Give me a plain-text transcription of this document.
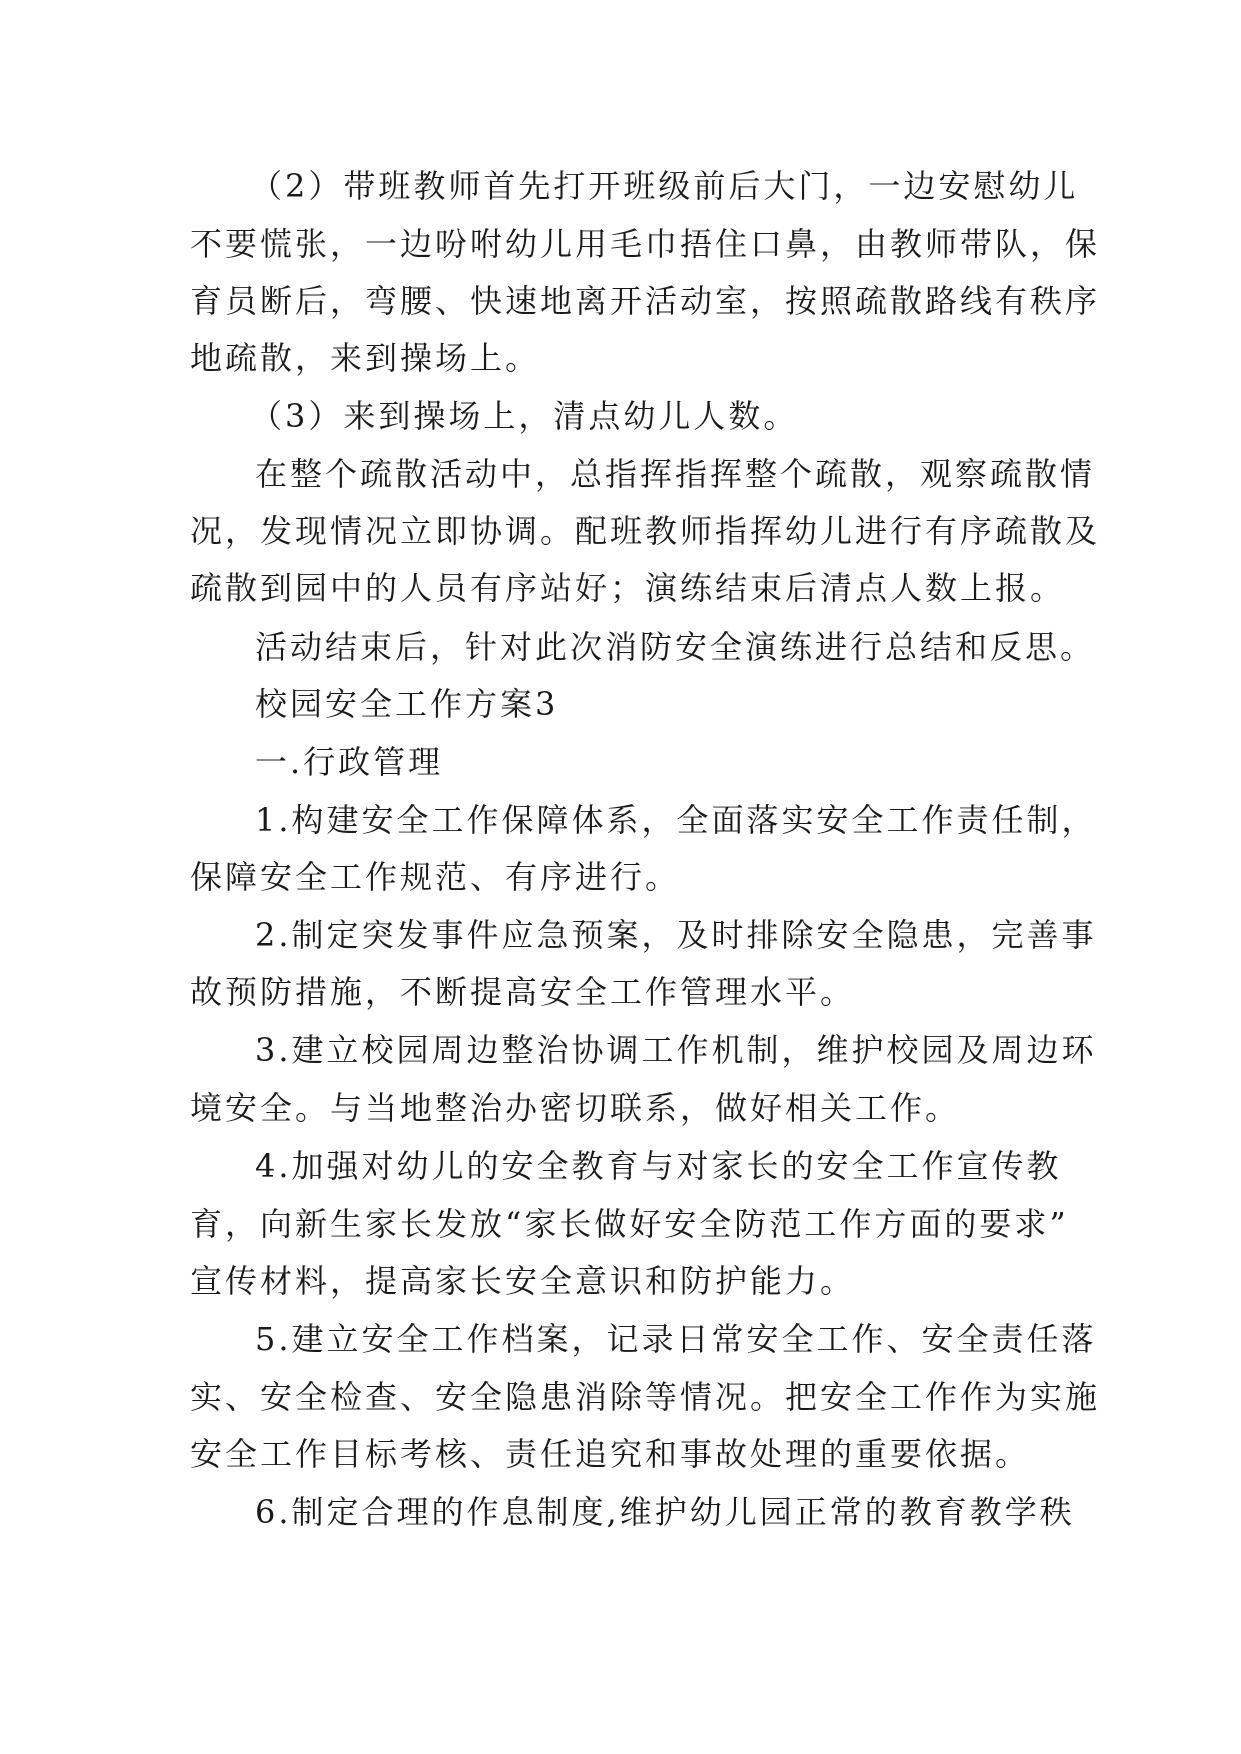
（2）带班教师首先打开班级前后大门，一边安慰幼儿
不要慌张，一边吩咐幼儿用毛巾捂住口鼻，由教师带队，保
育员断后，弯腰、快速地离开活动室，按照疏散路线有秩序
地疏散，来到操场上。
（3）来到操场上，清点幼儿人数。
在整个疏散活动中，总指挥指挥整个疏散，观察疏散情
况，发现情况立即协调。配班教师指挥幼儿进行有序疏散及
疏散到园中的人员有序站好；演练结束后清点人数上报。
活动结束后，针对此次消防安全演练进行总结和反思。
校园安全工作方案3
一.行政管理
1.构建安全工作保障体系，全面落实安全工作责任制，
保障安全工作规范、有序进行。
2.制定突发事件应急预案，及时排除安全隐患，完善事
故预防措施，不断提高安全工作管理水平。
3.建立校园周边整治协调工作机制，维护校园及周边环
境安全。与当地整治办密切联系，做好相关工作。
4.加强对幼儿的安全教育与对家长的安全工作宣传教
育，向新生家长发放“家长做好安全防范工作方面的要求”
宣传材料，提高家长安全意识和防护能力。
5.建立安全工作档案，记录日常安全工作、安全责任落
实、安全检查、安全隐患消除等情况。把安全工作作为实施
安全工作目标考核、责任追究和事故处理的重要依据。
6.制定合理的作息制度,维护幼儿园正常的教育教学秩
